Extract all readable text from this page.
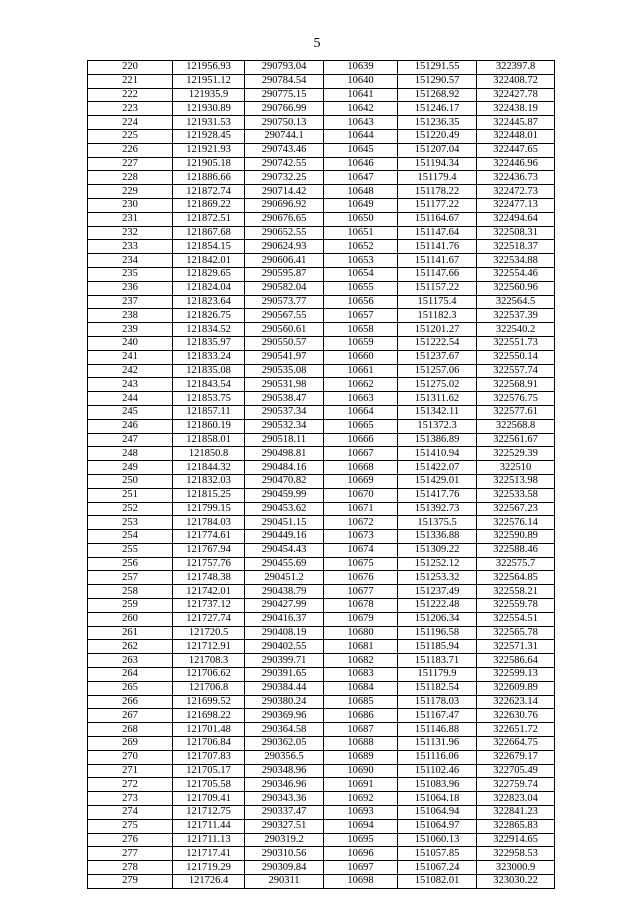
5
220	121956.93	290793.04	10639	151291.55	322397.8
221	121951.12	290784.54	10640	151290.57	322408.72
222	121935.9	290775.15	10641	151268.92	322427.78
223	121930.89	290766.99	10642	151246.17	322438.19
224	121931.53	290750.13	10643	151236.35	322445.87
225	121928.45	290744.1	10644	151220.49	322448.01
226	121921.93	290743.46	10645	151207.04	322447.65
227	121905.18	290742.55	10646	151194.34	322446.96
228	121886.66	290732.25	10647	151179.4	322436.73
229	121872.74	290714.42	10648	151178.22	322472.73
230	121869.22	290696.92	10649	151177.22	322477.13
231	121872.51	290676.65	10650	151164.67	322494.64
232	121867.68	290652.55	10651	151147.64	322508.31
233	121854.15	290624.93	10652	151141.76	322518.37
234	121842.01	290606.41	10653	151141.67	322534.88
235	121829.65	290595.87	10654	151147.66	322554.46
236	121824.04	290582.04	10655	151157.22	322560.96
237	121823.64	290573.77	10656	151175.4	322564.5
238	121826.75	290567.55	10657	151182.3	322537.39
239	121834.52	290560.61	10658	151201.27	322540.2
240	121835.97	290550.57	10659	151222.54	322551.73
241	121833.24	290541.97	10660	151237.67	322550.14
242	121835.08	290535.08	10661	151257.06	322557.74
243	121843.54	290531.98	10662	151275.02	322568.91
244	121853.75	290538.47	10663	151311.62	322576.75
245	121857.11	290537.34	10664	151342.11	322577.61
246	121860.19	290532.34	10665	151372.3	322568.8
247	121858.01	290518.11	10666	151386.89	322561.67
248	121850.8	290498.81	10667	151410.94	322529.39
249	121844.32	290484.16	10668	151422.07	322510
250	121832.03	290470.82	10669	151429.01	322513.98
251	121815.25	290459.99	10670	151417.76	322533.58
252	121799.15	290453.62	10671	151392.73	322567.23
253	121784.03	290451.15	10672	151375.5	322576.14
254	121774.61	290449.16	10673	151336.88	322590.89
255	121767.94	290454.43	10674	151309.22	322588.46
256	121757.76	290455.69	10675	151252.12	322575.7
257	121748.38	290451.2	10676	151253.32	322564.85
258	121742.01	290438.79	10677	151237.49	322558.21
259	121737.12	290427.99	10678	151222.48	322559.78
260	121727.74	290416.37	10679	151206.34	322554.51
261	121720.5	290408.19	10680	151196.58	322565.78
262	121712.91	290402.55	10681	151185.94	322571.31
263	121708.3	290399.71	10682	151183.71	322586.64
264	121706.62	290391.65	10683	151179.9	322599.13
265	121706.8	290384.44	10684	151182.54	322609.89
266	121699.52	290380.24	10685	151178.03	322623.14
267	121698.22	290369.96	10686	151167.47	322630.76
268	121701.48	290364.58	10687	151146.88	322651.72
269	121706.84	290362.05	10688	151131.96	322664.75
270	121707.83	290356.5	10689	151116.06	322679.17
271	121705.17	290348.96	10690	151102.46	322705.49
272	121705.58	290346.96	10691	151083.96	322759.74
273	121709.41	290343.36	10692	151064.18	322823.04
274	121712.75	290337.47	10693	151064.94	322841.23
275	121711.44	290327.51	10694	151064.97	322865.83
276	121711.13	290319.2	10695	151060.13	322914.65
277	121717.41	290310.56	10696	151057.85	322958.53
278	121719.29	290309.84	10697	151067.24	323000.9
279	121726.4	290311	10698	151082.01	323030.22
